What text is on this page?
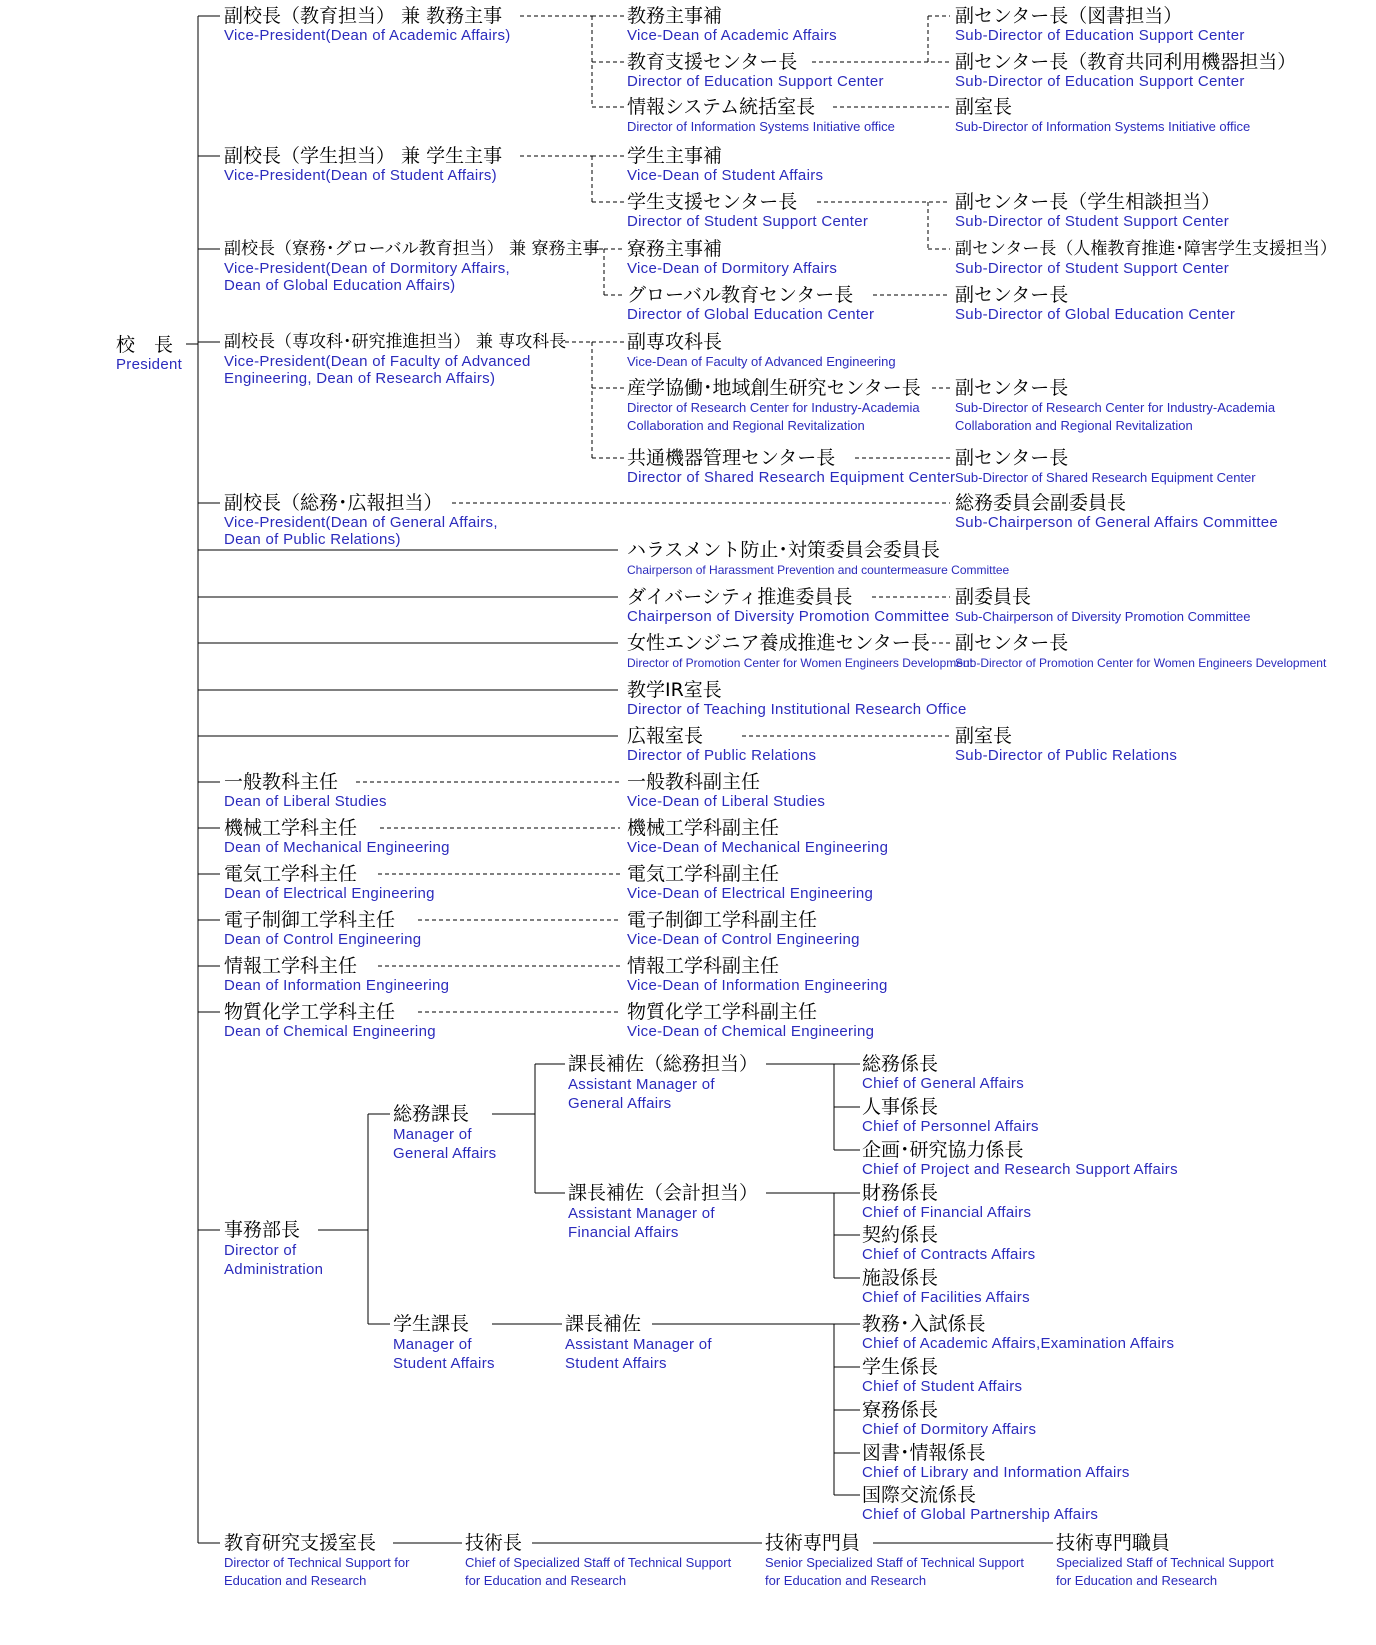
校　長
President
副校長（教育担当） 兼 教務主事
Vice-President(Dean of Academic Affairs)
副校長（学生担当） 兼 学生主事
Vice-President(Dean of Student Affairs)
副校長（寮務･グローバル教育担当） 兼 寮務主事
Vice-President(Dean of Dormitory Affairs,
Dean of Global Education Affairs)
副校長（専攻科･研究推進担当） 兼 専攻科長
Vice-President(Dean of Faculty of Advanced
Engineering, Dean of Research Affairs)
副校長（総務･広報担当）
Vice-President(Dean of General Affairs,
Dean of Public Relations)
教務主事補
Vice-Dean of Academic Affairs
教育支援センター長
Director of Education Support Center
情報システム統括室長
Director of Information Systems Initiative office
学生主事補
Vice-Dean of Student Affairs
学生支援センター長
Director of Student Support Center
寮務主事補
Vice-Dean of Dormitory Affairs
グローバル教育センター長
Director of Global Education Center
副専攻科長
Vice-Dean of Faculty of Advanced Engineering
産学協働･地域創生研究センター長
Director of Research Center for Industry-Academia
Collaboration and Regional Revitalization
共通機器管理センター長
Director of Shared Research Equipment Center
ハラスメント防止･対策委員会委員長
Chairperson of Harassment Prevention and countermeasure Committee
ダイバーシティ推進委員長
Chairperson of Diversity Promotion Committee
女性エンジニア養成推進センター長
Director of Promotion Center for Women Engineers Development
教学IR室長
Director of Teaching Institutional Research Office
広報室長
Director of Public Relations
副センター長（図書担当）
Sub-Director of Education Support Center
副センター長（教育共同利用機器担当）
Sub-Director of Education Support Center
副室長
Sub-Director of Information Systems Initiative office
副センター長（学生相談担当）
Sub-Director of Student Support Center
副センター長（人権教育推進･障害学生支援担当）
Sub-Director of Student Support Center
副センター長
Sub-Director of Global Education Center
副センター長
Sub-Director of Research Center for Industry-Academia
Collaboration and Regional Revitalization
副センター長
Sub-Director of Shared Research Equipment Center
総務委員会副委員長
Sub-Chairperson of General Affairs Committee
副委員長
Sub-Chairperson of Diversity Promotion Committee
副センター長
Sub-Director of Promotion Center for Women Engineers Development
副室長
Sub-Director of Public Relations
一般教科主任
Dean of Liberal Studies
機械工学科主任
Dean of Mechanical Engineering
電気工学科主任
Dean of Electrical Engineering
電子制御工学科主任
Dean of Control Engineering
情報工学科主任
Dean of Information Engineering
物質化学工学科主任
Dean of Chemical Engineering
一般教科副主任
Vice-Dean of Liberal Studies
機械工学科副主任
Vice-Dean of Mechanical Engineering
電気工学科副主任
Vice-Dean of Electrical Engineering
電子制御工学科副主任
Vice-Dean of Control Engineering
情報工学科副主任
Vice-Dean of Information Engineering
物質化学工学科副主任
Vice-Dean of Chemical Engineering
事務部長
Director of
Administration
総務課長
Manager of
General Affairs
学生課長
Manager of
Student Affairs
課長補佐（総務担当）
Assistant Manager of
General Affairs
課長補佐（会計担当）
Assistant Manager of
Financial Affairs
課長補佐
Assistant Manager of
Student Affairs
総務係長
Chief of General Affairs
人事係長
Chief of Personnel Affairs
企画･研究協力係長
Chief of Project and Research Support Affairs
財務係長
Chief of Financial Affairs
契約係長
Chief of Contracts Affairs
施設係長
Chief of Facilities Affairs
教務･入試係長
Chief of Academic Affairs,Examination Affairs
学生係長
Chief of Student Affairs
寮務係長
Chief of Dormitory Affairs
図書･情報係長
Chief of Library and Information Affairs
国際交流係長
Chief of Global Partnership Affairs
教育研究支援室長
Director of Technical Support for
Education and Research
技術長
Chief of Specialized Staff of Technical Support
for Education and Research
技術専門員
Senior Specialized Staff of Technical Support
for Education and Research
技術専門職員
Specialized Staff of Technical Support
for Education and Research
